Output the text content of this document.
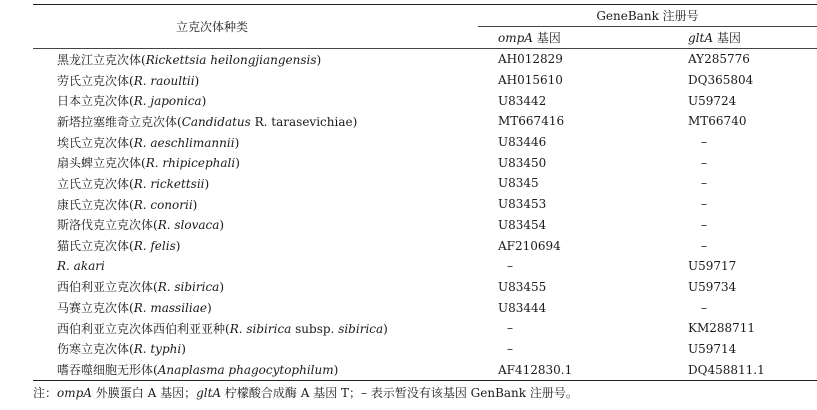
立克次体种类	GeneBank 注册号	
	ompA 基因	gltA 基因
黑龙江立克次体(Rickettsia heilongjiangensis)	AH012829	AY285776
劳氏立克次体(R. raoultii)	AH015610	DQ365804
日本立克次体(R. japonica)	U83442	U59724
新塔拉塞维奇立克次体(Candidatus R. tarasevichiae)	MT667416	MT66740
埃氏立克次体(R. aeschlimannii)	U83446	–
扇头蜱立克次体(R. rhipicephali)	U83450	–
立氏立克次体(R. rickettsii)	U8345	–
康氏立克次体(R. conorii)	U83453	–
斯洛伐克立克次体(R. slovaca)	U83454	–
猫氏立克次体(R. felis)	AF210694	–
R. akari	–	U59717
西伯利亚立克次体(R. sibirica)	U83455	U59734
马赛立克次体(R. massiliae)	U83444	–
西伯利亚立克次体西伯利亚亚种(R. sibirica subsp. sibirica)	–	KM288711
伤寒立克次体(R. typhi)	–	U59714
嗜吞噬细胞无形体(Anaplasma phagocytophilum)	AF412830.1	DQ458811.1
注：ompA 外膜蛋白 A 基因；gltA 柠檬酸合成酶 A 基因 T；– 表示暂没有该基因 GenBank 注册号。
